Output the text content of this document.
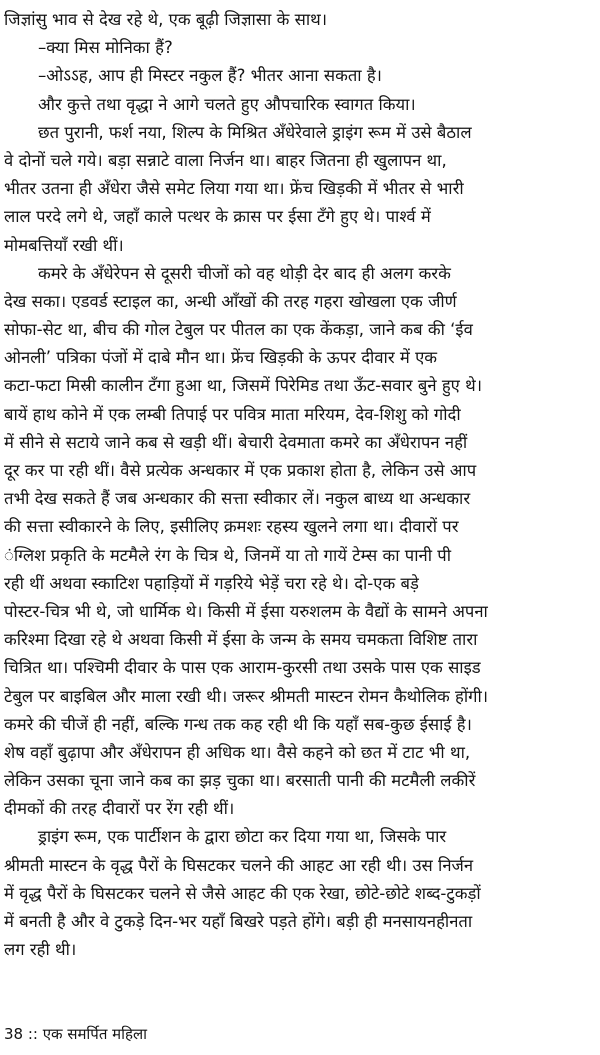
जिज्ञांसु भाव से देख रहे थे, एक बूढ़ी जिज्ञासा के साथ।
–क्या मिस मोनिका हैं?
–ओऽऽह, आप ही मिस्टर नकुल हैं? भीतर आना सकता है।
और कुत्ते तथा वृद्धा ने आगे चलते हुए औपचारिक स्वागत किया।
छत पुरानी, फर्श नया, शिल्प के मिश्रित अँधेरेवाले ड्राइंग रूम में उसे बैठाल
वे दोनों चले गये। बड़ा सन्नाटे वाला निर्जन था। बाहर जितना ही खुलापन था,
भीतर उतना ही अँधेरा जैसे समेट लिया गया था। फ्रेंच खिड़की में भीतर से भारी
लाल परदे लगे थे, जहाँ काले पत्थर के क्रास पर ईसा टँगे हुए थे। पार्श्व में
मोमबत्तियाँ रखी थीं।
कमरे के अँधेरेपन से दूसरी चीजों को वह थोड़ी देर बाद ही अलग करके
देख सका। एडवर्ड स्टाइल का, अन्धी आँखों की तरह गहरा खोखला एक जीर्ण
सोफा-सेट था, बीच की गोल टेबुल पर पीतल का एक केंकड़ा, जाने कब की ‘ईव
ओनली’ पत्रिका पंजों में दाबे मौन था। फ्रेंच खिड़की के ऊपर दीवार में एक
कटा-फटा मिस्री कालीन टँगा हुआ था, जिसमें पिरेमिड तथा ऊँट-सवार बुने हुए थे।
बायें हाथ कोने में एक लम्बी तिपाई पर पवित्र माता मरियम, देव-शिशु को गोदी
में सीने से सटाये जाने कब से खड़ी थीं। बेचारी देवमाता कमरे का अँधेरापन नहीं
दूर कर पा रही थीं। वैसे प्रत्येक अन्धकार में एक प्रकाश होता है, लेकिन उसे आप
तभी देख सकते हैं जब अन्धकार की सत्ता स्वीकार लें। नकुल बाध्य था अन्धकार
की सत्ता स्वीकारने के लिए, इसीलिए क्रमशः रहस्य खुलने लगा था। दीवारों पर
ंग्लिश प्रकृति के मटमैले रंग के चित्र थे, जिनमें या तो गायें टेम्स का पानी पी
रही थीं अथवा स्काटिश पहाड़ियों में गड़रिये भेड़ें चरा रहे थे। दो-एक बड़े
पोस्टर-चित्र भी थे, जो धार्मिक थे। किसी में ईसा यरुशलम के वैद्यों के सामने अपना
करिश्मा दिखा रहे थे अथवा किसी में ईसा के जन्म के समय चमकता विशिष्ट तारा
चित्रित था। पश्चिमी दीवार के पास एक आराम-कुरसी तथा उसके पास एक साइड
टेबुल पर बाइबिल और माला रखी थी। जरूर श्रीमती मास्टन रोमन कैथोलिक होंगी।
कमरे की चीजें ही नहीं, बल्कि गन्ध तक कह रही थी कि यहाँ सब-कुछ ईसाई है।
शेष वहाँ बुढ़ापा और अँधेरापन ही अधिक था। वैसे कहने को छत में टाट भी था,
लेकिन उसका चूना जाने कब का झड़ चुका था। बरसाती पानी की मटमैली लकीरें
दीमकों की तरह दीवारों पर रेंग रही थीं।
ड्राइंग रूम, एक पार्टीशन के द्वारा छोटा कर दिया गया था, जिसके पार
श्रीमती मास्टन के वृद्ध पैरों के घिसटकर चलने की आहट आ रही थी। उस निर्जन
में वृद्ध पैरों के घिसटकर चलने से जैसे आहट की एक रेखा, छोटे-छोटे शब्द-टुकड़ों
में बनती है और वे टुकड़े दिन-भर यहाँ बिखरे पड़ते होंगे। बड़ी ही मनसायनहीनता
लग रही थी।
38 :: एक समर्पित महिला
